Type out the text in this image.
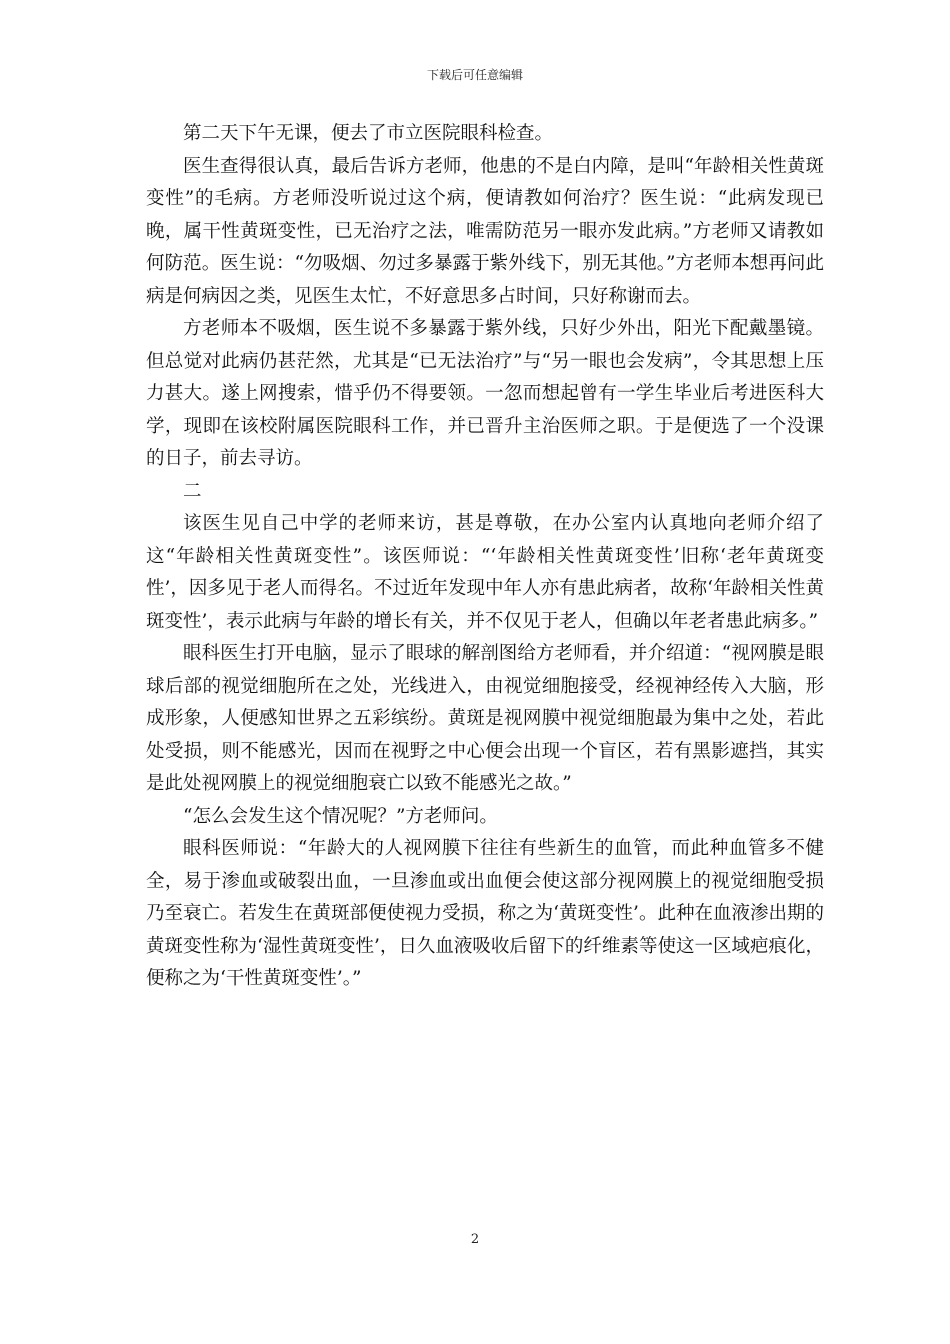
下载后可任意编辑

第二天下午无课，便去了市立医院眼科检查。

医生查得很认真，最后告诉方老师，他患的不是白内障，是叫“年龄相关性黄斑变性”的毛病。方老师没听说过这个病，便请教如何治疗？医生说：“此病发现已晚，属干性黄斑变性，已无治疗之法，唯需防范另一眼亦发此病。”方老师又请教如何防范。医生说：“勿吸烟、勿过多暴露于紫外线下，别无其他。”方老师本想再问此病是何病因之类，见医生太忙，不好意思多占时间，只好称谢而去。

方老师本不吸烟，医生说不多暴露于紫外线，只好少外出，阳光下配戴墨镜。但总觉对此病仍甚茫然，尤其是“已无法治疗”与“另一眼也会发病”，令其思想上压力甚大。遂上网搜索，惜乎仍不得要领。一忽而想起曾有一学生毕业后考进医科大学，现即在该校附属医院眼科工作，并已晋升主治医师之职。于是便选了一个没课的日子，前去寻访。

二

该医生见自己中学的老师来访，甚是尊敬，在办公室内认真地向老师介绍了这“年龄相关性黄斑变性”。该医师说：“‘年龄相关性黄斑变性’旧称‘老年黄斑变性’，因多见于老人而得名。不过近年发现中年人亦有患此病者，故称‘年龄相关性黄斑变性’，表示此病与年龄的增长有关，并不仅见于老人，但确以年老者患此病多。”

眼科医生打开电脑，显示了眼球的解剖图给方老师看，并介绍道：“视网膜是眼球后部的视觉细胞所在之处，光线进入，由视觉细胞接受，经视神经传入大脑，形成形象，人便感知世界之五彩缤纷。黄斑是视网膜中视觉细胞最为集中之处，若此处受损，则不能感光，因而在视野之中心便会出现一个盲区，若有黑影遮挡，其实是此处视网膜上的视觉细胞衰亡以致不能感光之故。”

“怎么会发生这个情况呢？”方老师问。

眼科医师说：“年龄大的人视网膜下往往有些新生的血管，而此种血管多不健全，易于渗血或破裂出血，一旦渗血或出血便会使这部分视网膜上的视觉细胞受损乃至衰亡。若发生在黄斑部便使视力受损，称之为‘黄斑变性’。此种在血液渗出期的黄斑变性称为‘湿性黄斑变性’，日久血液吸收后留下的纤维素等使这一区域疤痕化，便称之为‘干性黄斑变性’。”

2
